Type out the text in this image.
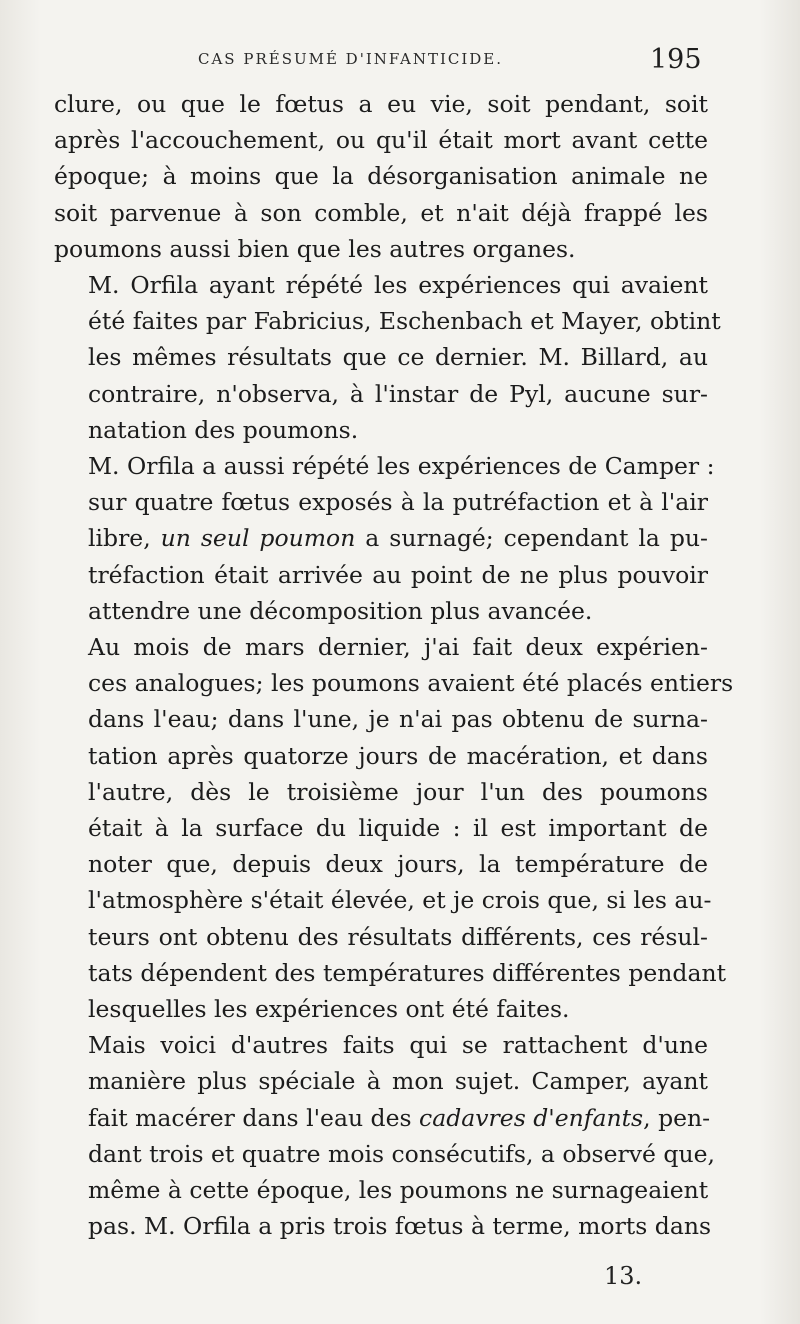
CAS PRÉSUMÉ D'INFANTICIDE.	195
clure, ou que le fœtus a eu vie, soit pendant, soit
après l'accouchement, ou qu'il était mort avant cette
époque; à moins que la désorganisation animale ne
soit parvenue à son comble, et n'ait déjà frappé les
poumons aussi bien que les autres organes.
M. Orfila ayant répété les expériences qui avaient
été faites par Fabricius, Eschenbach et Mayer, obtint
les mêmes résultats que ce dernier. M. Billard, au
contraire, n'observa, à l'instar de Pyl, aucune sur-
natation des poumons.
M. Orfila a aussi répété les expériences de Camper :
sur quatre fœtus exposés à la putréfaction et à l'air
libre, un seul poumon a surnagé; cependant la pu-
tréfaction était arrivée au point de ne plus pouvoir
attendre une décomposition plus avancée.
Au mois de mars dernier, j'ai fait deux expérien-
ces analogues; les poumons avaient été placés entiers
dans l'eau; dans l'une, je n'ai pas obtenu de surna-
tation après quatorze jours de macération, et dans
l'autre, dès le troisième jour l'un des poumons
était à la surface du liquide : il est important de
noter que, depuis deux jours, la température de
l'atmosphère s'était élevée, et je crois que, si les au-
teurs ont obtenu des résultats différents, ces résul-
tats dépendent des températures différentes pendant
lesquelles les expériences ont été faites.
Mais voici d'autres faits qui se rattachent d'une
manière plus spéciale à mon sujet. Camper, ayant
fait macérer dans l'eau des cadavres d'enfants, pen-
dant trois et quatre mois consécutifs, a observé que,
même à cette époque, les poumons ne surnageaient
pas. M. Orfila a pris trois fœtus à terme, morts dans
13.
